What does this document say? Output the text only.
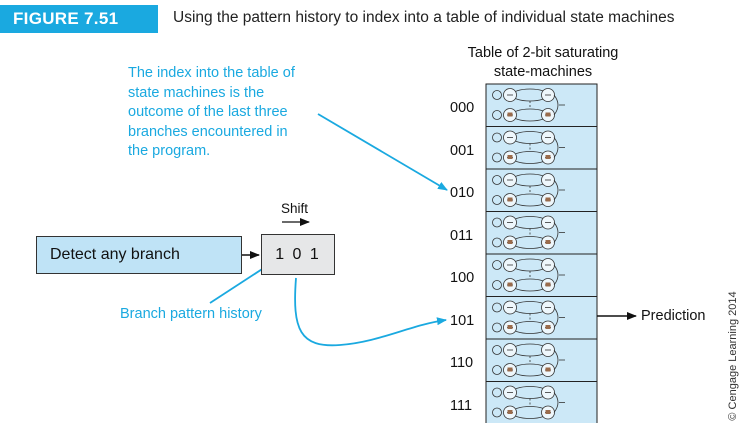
FIGURE 7.51	Using the pattern history to index into a table of individual state machines
Table of 2-bit saturating
state-machines
The index into the table of
state machines is the
outcome of the last three
branches encountered in
the program.
000
001
010
011
100
101
110
111
Detect any branch	1 0 1
Shift
Branch pattern history	Prediction © Cengage Learning 2014
